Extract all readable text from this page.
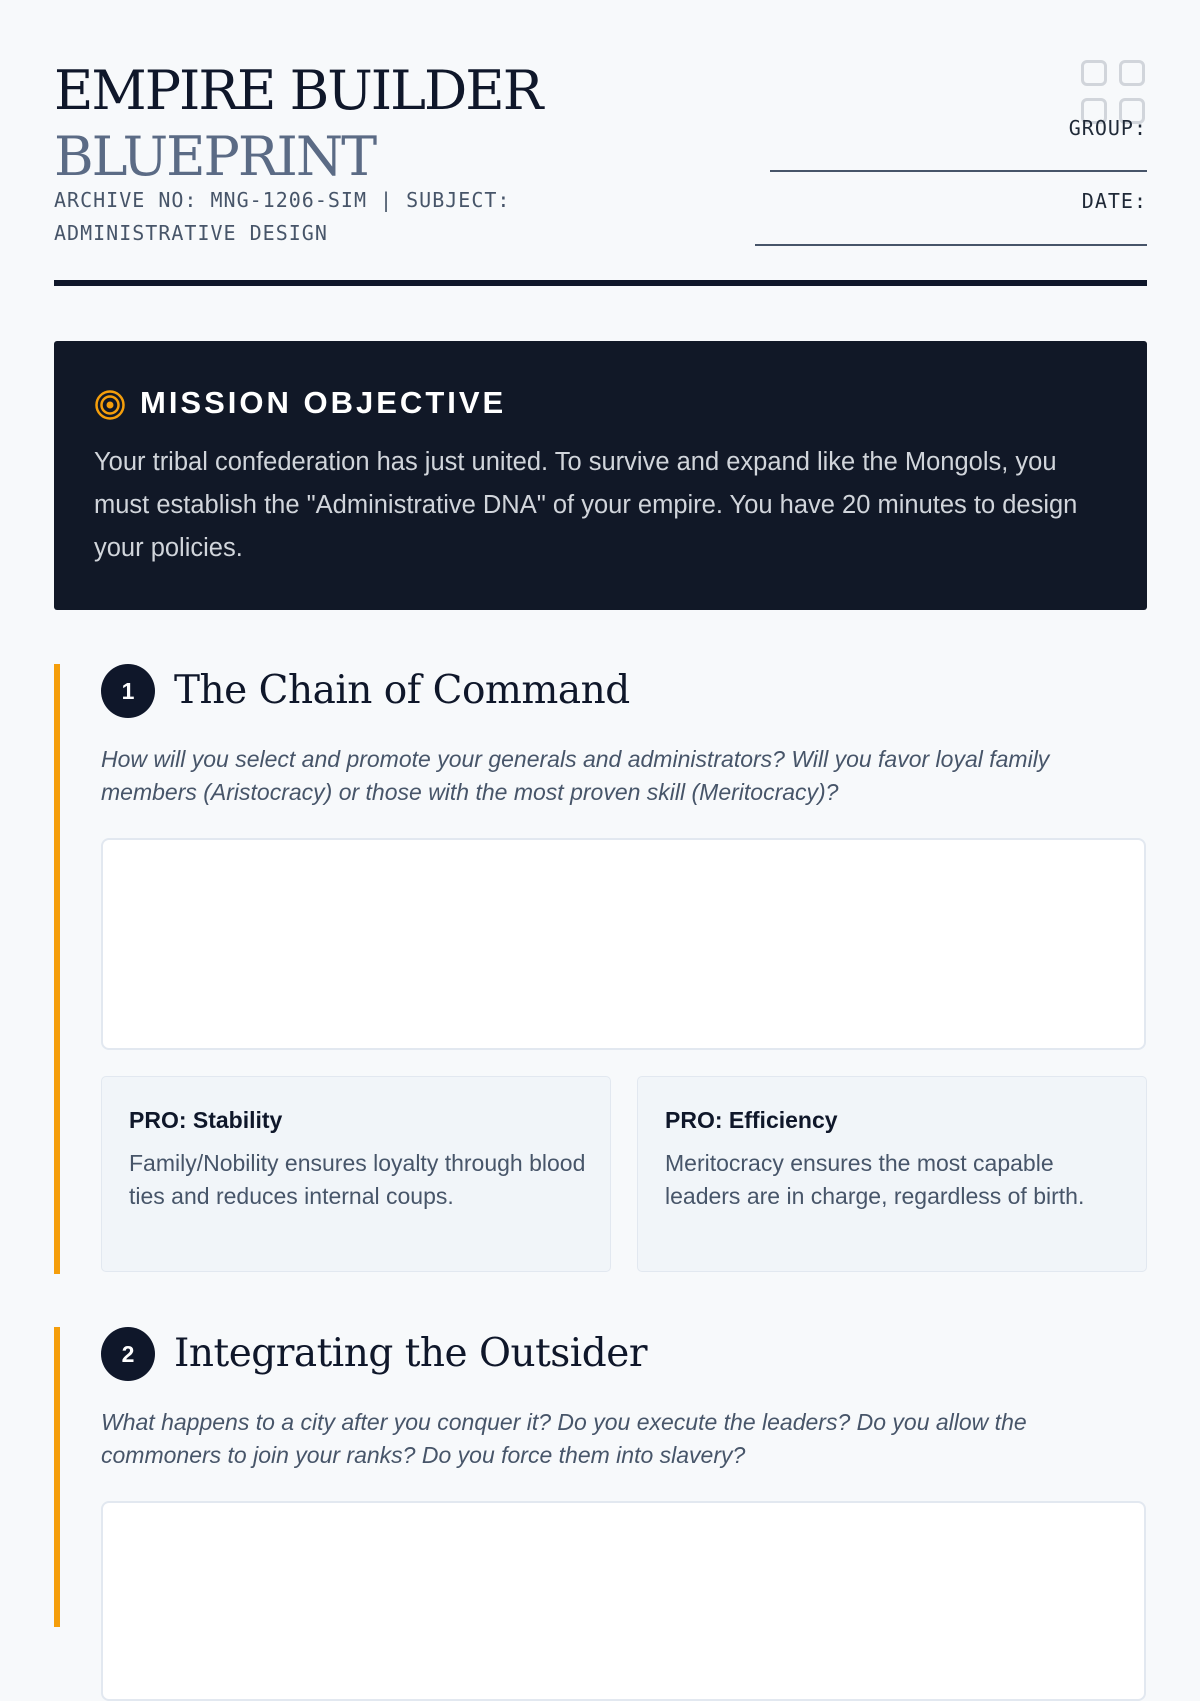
EMPIRE BUILDER
BLUEPRINT
ARCHIVE NO: MNG-1206-SIM | SUBJECT: ADMINISTRATIVE DESIGN
GROUP:
DATE:
MISSION OBJECTIVE
Your tribal confederation has just united. To survive and expand like the Mongols, you must establish the "Administrative DNA" of your empire. You have 20 minutes to design your policies.
1	The Chain of Command
How will you select and promote your generals and administrators? Will you favor loyal family members (Aristocracy) or those with the most proven skill (Meritocracy)?
PRO: Stability
Family/Nobility ensures loyalty through blood ties and reduces internal coups.
PRO: Efficiency
Meritocracy ensures the most capable leaders are in charge, regardless of birth.
2	Integrating the Outsider
What happens to a city after you conquer it? Do you execute the leaders? Do you allow the commoners to join your ranks? Do you force them into slavery?
